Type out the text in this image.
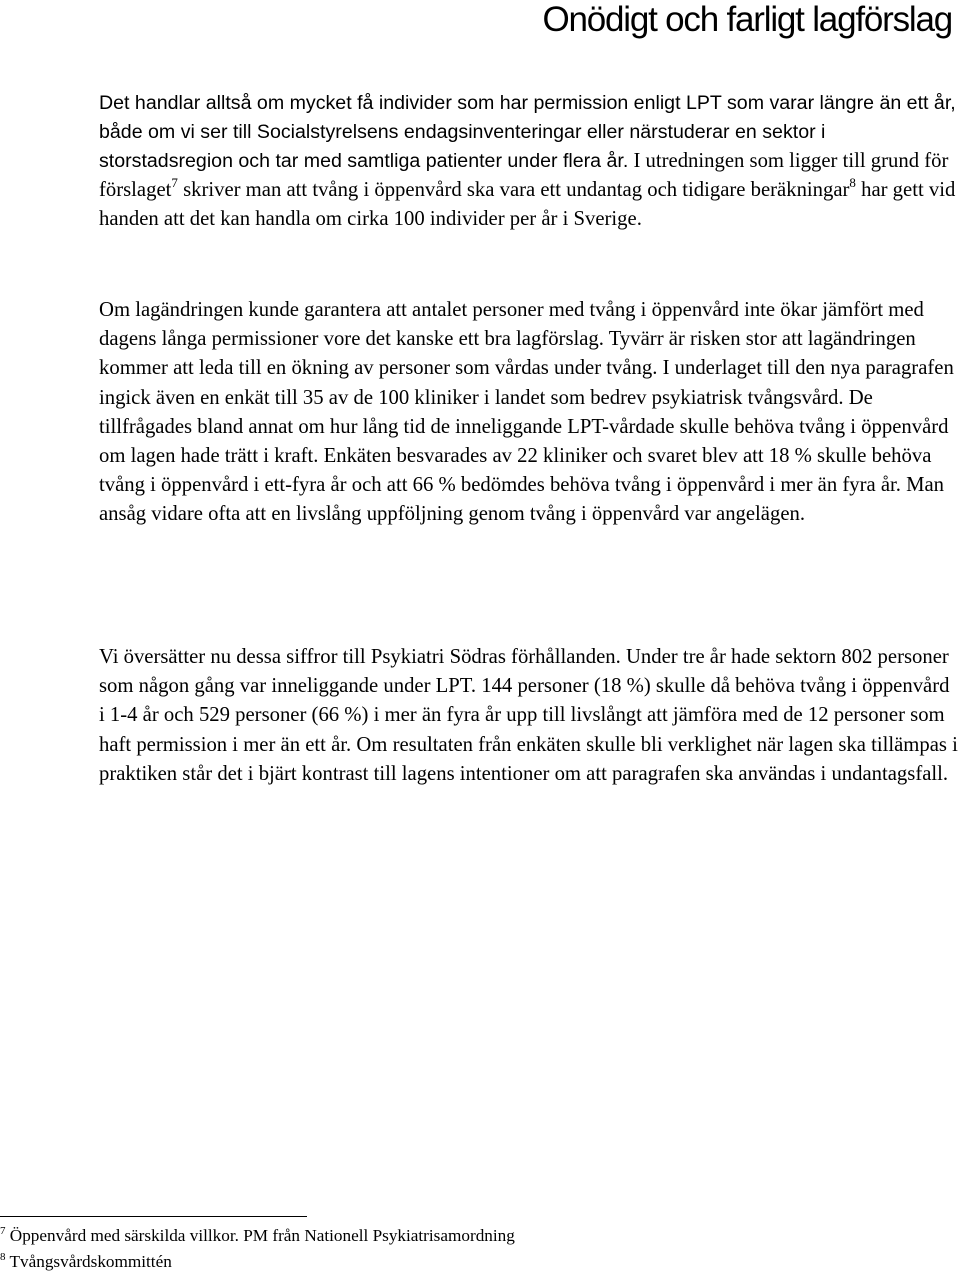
Onödigt och farligt lagförslag

Det handlar alltså om mycket få individer som har permission enligt LPT som varar längre än ett år, både om vi ser till Socialstyrelsens endagsinventeringar eller närstuderar en sektor i storstadsregion och tar med samtliga patienter under flera år. I utredningen som ligger till grund för förslaget$^7$ skriver man att tvång i öppenvård ska vara ett undantag och tidigare beräkningar$^8$ har gett vid handen att det kan handla om cirka 100 individer per år i Sverige.

Om lagändringen kunde garantera att antalet personer med tvång i öppenvård inte ökar jämfört med dagens långa permissioner vore det kanske ett bra lagförslag. Tyvärr är risken stor att lagändringen kommer att leda till en ökning av personer som vårdas under tvång. I underlaget till den nya paragrafen ingick även en enkät till 35 av de 100 kliniker i landet som bedrev psykiatrisk tvångsvård. De tillfrågades bland annat om hur lång tid de inneliggande LPT-vårdade skulle behöva tvång i öppenvård om lagen hade trätt i kraft. Enkäten besvarades av 22 kliniker och svaret blev att 18 % skulle behöva tvång i öppenvård i ett-fyra år och att 66 % bedömdes behöva tvång i öppenvård i mer än fyra år. Man ansåg vidare ofta att en livslång uppföljning genom tvång i öppenvård var angelägen.

Vi översätter nu dessa siffror till Psykiatri Södras förhållanden. Under tre år hade sektorn 802 personer som någon gång var inneliggande under LPT. 144 personer (18 %) skulle då behöva tvång i öppenvård i 1-4 år och 529 personer (66 %) i mer än fyra år upp till livslångt att jämföra med de 12 personer som haft permission i mer än ett år. Om resultaten från enkäten skulle bli verklighet när lagen ska tillämpas i praktiken står det i bjärt kontrast till lagens intentioner om att paragrafen ska användas i undantagsfall.

$^7$ Öppenvård med särskilda villkor. PM från Nationell Psykiatrisamordning
$^8$ Tvångsvårdskommittén
